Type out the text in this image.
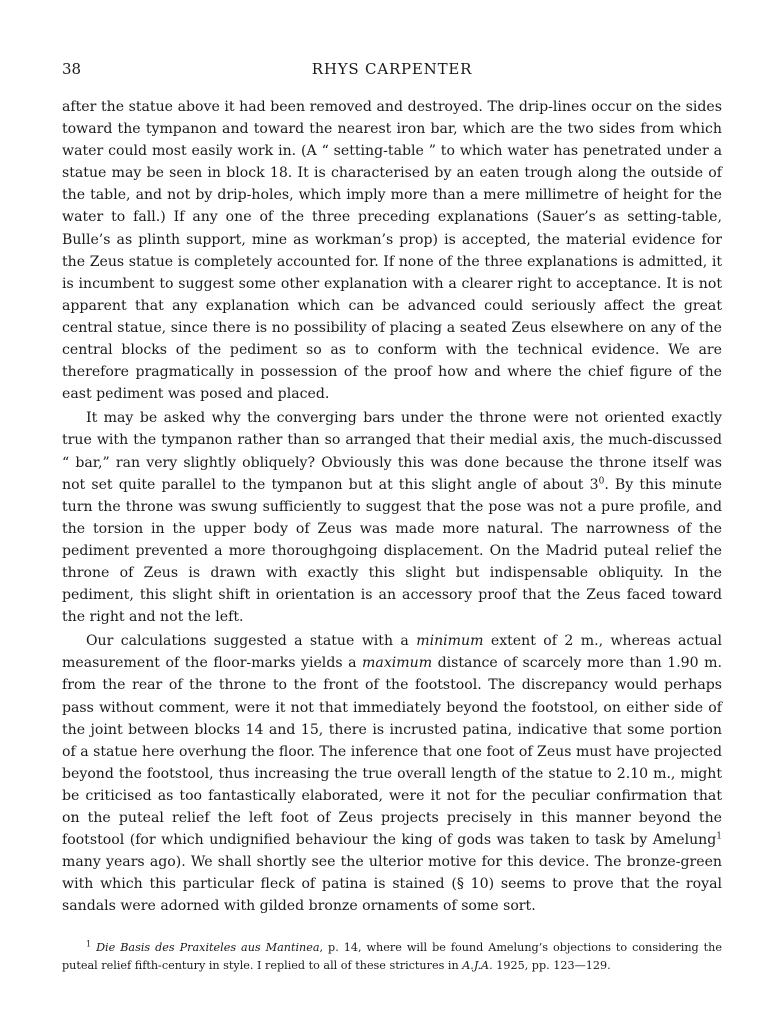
38	RHYS CARPENTER

after the statue above it had been removed and destroyed. The drip-lines occur on the sides toward the tympanon and toward the nearest iron bar, which are the two sides from which water could most easily work in. (A “ setting-table ” to which water has penetrated under a statue may be seen in block 18. It is characterised by an eaten trough along the outside of the table, and not by drip-holes, which imply more than a mere millimetre of height for the water to fall.) If any one of the three preceding explanations (Sauer’s as setting-table, Bulle’s as plinth support, mine as workman’s prop) is accepted, the material evidence for the Zeus statue is completely accounted for. If none of the three explanations is admitted, it is incumbent to suggest some other explanation with a clearer right to acceptance. It is not apparent that any explanation which can be advanced could seriously affect the great central statue, since there is no possibility of placing a seated Zeus elsewhere on any of the central blocks of the pediment so as to conform with the technical evidence. We are therefore pragmatically in possession of the proof how and where the chief figure of the east pediment was posed and placed.

It may be asked why the converging bars under the throne were not oriented exactly true with the tympanon rather than so arranged that their medial axis, the much-discussed “ bar,” ran very slightly obliquely? Obviously this was done because the throne itself was not set quite parallel to the tympanon but at this slight angle of about $3^0$. By this minute turn the throne was swung sufficiently to suggest that the pose was not a pure profile, and the torsion in the upper body of Zeus was made more natural. The narrowness of the pediment prevented a more thoroughgoing displacement. On the Madrid puteal relief the throne of Zeus is drawn with exactly this slight but indispensable obliquity. In the pediment, this slight shift in orientation is an accessory proof that the Zeus faced toward the right and not the left.

Our calculations suggested a statue with a minimum extent of 2 m., whereas actual measurement of the floor-marks yields a maximum distance of scarcely more than 1.90 m. from the rear of the throne to the front of the footstool. The discrepancy would perhaps pass without comment, were it not that immediately beyond the footstool, on either side of the joint between blocks 14 and 15, there is incrusted patina, indicative that some portion of a statue here overhung the floor. The inference that one foot of Zeus must have projected beyond the footstool, thus increasing the true overall length of the statue to 2.10 m., might be criticised as too fantastically elaborated, were it not for the peculiar confirmation that on the puteal relief the left foot of Zeus projects precisely in this manner beyond the footstool (for which undignified behaviour the king of gods was taken to task by Amelung$^1$ many years ago). We shall shortly see the ulterior motive for this device. The bronze-green with which this particular fleck of patina is stained (§ 10) seems to prove that the royal sandals were adorned with gilded bronze ornaments of some sort.

$^1$ Die Basis des Praxiteles aus Mantinea, p. 14, where will be found Amelung’s objections to considering the puteal relief fifth-century in style. I replied to all of these strictures in A.J.A. 1925, pp. 123—129.
